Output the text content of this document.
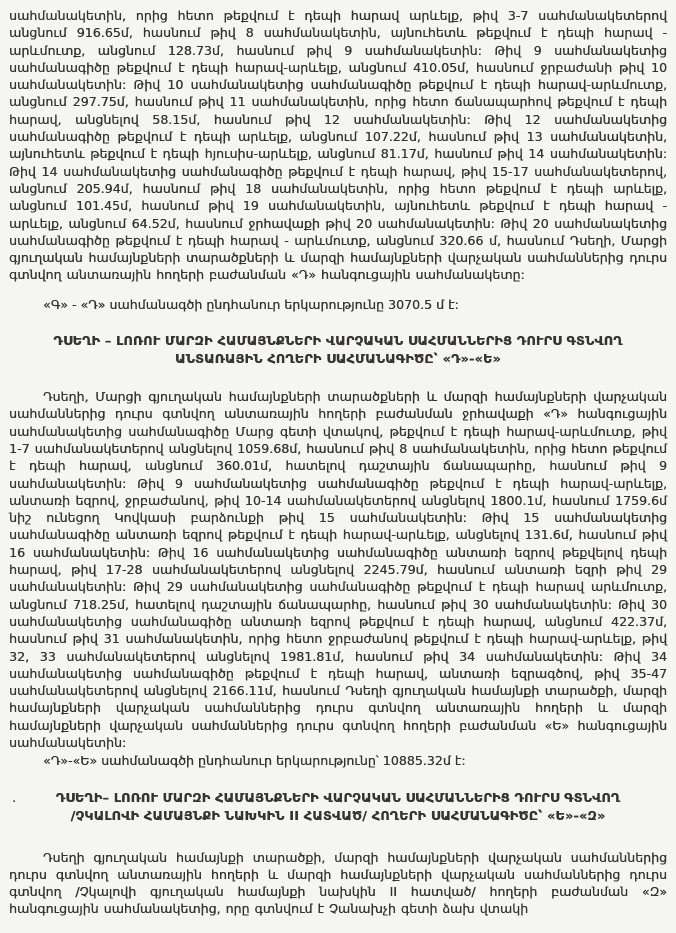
սահմանակետին, որից հետո թեքվում է դեպի հարավ արևելք, թիվ 3-7 սահմանակետերով անցնում 916.65մ, հասնում թիվ 8 սահմանակետին, այնուհետև թեքվում է դեպի հարավ - արևմուտք, անցնում 128.73մ, հասնում թիվ 9 սահմանակետին: Թիվ 9 սահմանակետից սահմանագիծը թեքվում է դեպի հարավ-արևելք, անցնում 410.05մ, հասնում ջրբաժանի թիվ 10 սահմանակետին: Թիվ 10 սահմանակետից սահմանագիծը թեքվում է դեպի հարավ-արևմուտք, անցնում 297.75մ, հասնում թիվ 11 սահմանակետին, որից հետո ճանապարհով թեքվում է դեպի հարավ, անցնելով 58.15մ, հասնում թիվ 12 սահմանակետին: Թիվ 12 սահմանակետից սահմանագիծը թեքվում է դեպի արևելք, անցնում 107.22մ, հասնում թիվ 13 սահմանակետին, այնուհետև թեքվում է դեպի հյուսիս-արևելք, անցնում 81.17մ, հասնում թիվ 14 սահմանակետին: Թիվ 14 սահմանակետից սահմանագիծը թեքվում է դեպի հարավ, թիվ 15-17 սահմանակետերով, անցնում 205.94մ, հասնում թիվ 18 սահմանակետին, որից հետո թեքվում է դեպի արևելք, անցնում 101.45մ, հասնում թիվ 19 սահմանակետին, այնուհետև թեքվում է դեպի հարավ - արևելք, անցնում 64.52մ, հասնում ջրհավաքի թիվ 20 սահմանակետին: Թիվ 20 սահմանակետից սահմանագիծը թեքվում է դեպի հարավ - արևմուտք, անցնում 320.66 մ, հասնում Դսեղի, Մարցի գյուղական համայնքների տարածքների և մարզի համայնքների վարչական սահմաններից դուրս գտնվող անտառային հողերի բաժանման «Դ» հանգուցային սահմանակետը:

«Գ» - «Դ» սահմանագծի ընդհանուր երկարությունը 3070.5 մ է:

ԴՍԵՂԻ – ԼՈՌՈՒ ՄԱՐԶԻ ՀԱՄԱՅՆՔՆԵՐԻ ՎԱՐՉԱԿԱՆ ՍԱՀՄԱՆՆԵՐԻՑ ԴՈՒՐՍ ԳՏՆՎՈՂ
ԱՆՏԱՌԱՅԻՆ ՀՈՂԵՐԻ ՍԱՀՄԱՆԱԳԻԾԸ՝ «Դ»-«Ե»

Դսեղի, Մարցի գյուղական համայնքների տարածքների և մարզի համայնքների վարչական սահմաններից դուրս գտնվող անտառային հողերի բաժանման ջրհավաքի «Դ» հանգուցային սահմանակետից սահմանագիծը Մարց գետի վտակով, թեքվում է դեպի հարավ-արևմուտք, թիվ 1-7 սահմանակետերով անցնելով 1059.68մ, հասնում թիվ 8 սահմանակետին, որից հետո թեքվում է դեպի հարավ, անցնում 360.01մ, հատելով դաշտային ճանապարհը, հասնում թիվ 9 սահմանակետին: Թիվ 9 սահմանակետից սահմանագիծը թեքվում է դեպի հարավ-արևելք, անտառի եզրով, ջրբաժանով, թիվ 10-14 սահմանակետերով անցնելով 1800.1մ, հասնում 1759.6մ նիշ ունեցող Կովկասի բարձունքի թիվ 15 սահմանակետին: Թիվ 15 սահմանակետից սահմանագիծը անտառի եզրով թեքվում է դեպի հարավ-արևելք, անցնելով 131.6մ, հասնում թիվ 16 սահմանակետին: Թիվ 16 սահմանակետից սահմանագիծը անտառի եզրով թեքվելով դեպի հարավ, թիվ 17-28 սահմանակետերով անցնելով 2245.79մ, հասնում անտառի եզրի թիվ 29 սահմանակետին: Թիվ 29 սահմանակետից սահմանագիծը թեքվում է դեպի հարավ արևմուտք, անցնում 718.25մ, հատելով դաշտային ճանապարհը, հասնում թիվ 30 սահմանակետին: Թիվ 30 սահմանակետից սահմանագիծը անտառի եզրով թեքվում է դեպի հարավ, անցնում 422.37մ, հասնում թիվ 31 սահմանակետին, որից հետո ջրբաժանով թեքվում է դեպի հարավ-արևելք, թիվ 32, 33 սահմանակետերով անցնելով 1981.81մ, հասնում թիվ 34 սահմանակետին: Թիվ 34 սահմանակետից սահմանագիծը թեքվում է դեպի հարավ, անտառի եզրագծով, թիվ 35-47 սահմանակետերով անցնելով 2166.11մ, հասնում Դսեղի գյուղական համայնքի տարածքի, մարզի համայնքների վարչական սահմաններից դուրս գտնվող անտառային հողերի և մարզի համայնքների վարչական սահմաններից դուրս գտնվող հողերի բաժանման «Ե» հանգուցային սահմանակետին:

«Դ»-«Ե» սահմանագծի ընդհանուր երկարությունը՝ 10885.32մ է:

ԴՍԵՂԻ– ԼՈՌՈՒ ՄԱՐԶԻ ՀԱՄԱՅՆՔՆԵՐԻ ՎԱՐՉԱԿԱՆ ՍԱՀՄԱՆՆԵՐԻՑ ԴՈՒՐՍ ԳՏՆՎՈՂ
/ՉԿԱԼՈՎԻ ՀԱՄԱՅՆՔԻ ՆԱԽԿԻՆ II ՀԱՏՎԱԾ/ ՀՈՂԵՐԻ ՍԱՀՄԱՆԱԳԻԾԸ՝ «Ե»-«Զ»

Դսեղի գյուղական համայնքի տարածքի, մարզի համայնքների վարչական սահմաններից դուրս գտնվող անտառային հողերի և մարզի համայնքների վարչական սահմաններից դուրս գտնվող /Չկալովի գյուղական համայնքի նախկին II հատված/ հողերի բաժանման «Զ» հանգուցային սահմանակետից, որը գտնվում է Չանախչի գետի ձախ վտակի

·
